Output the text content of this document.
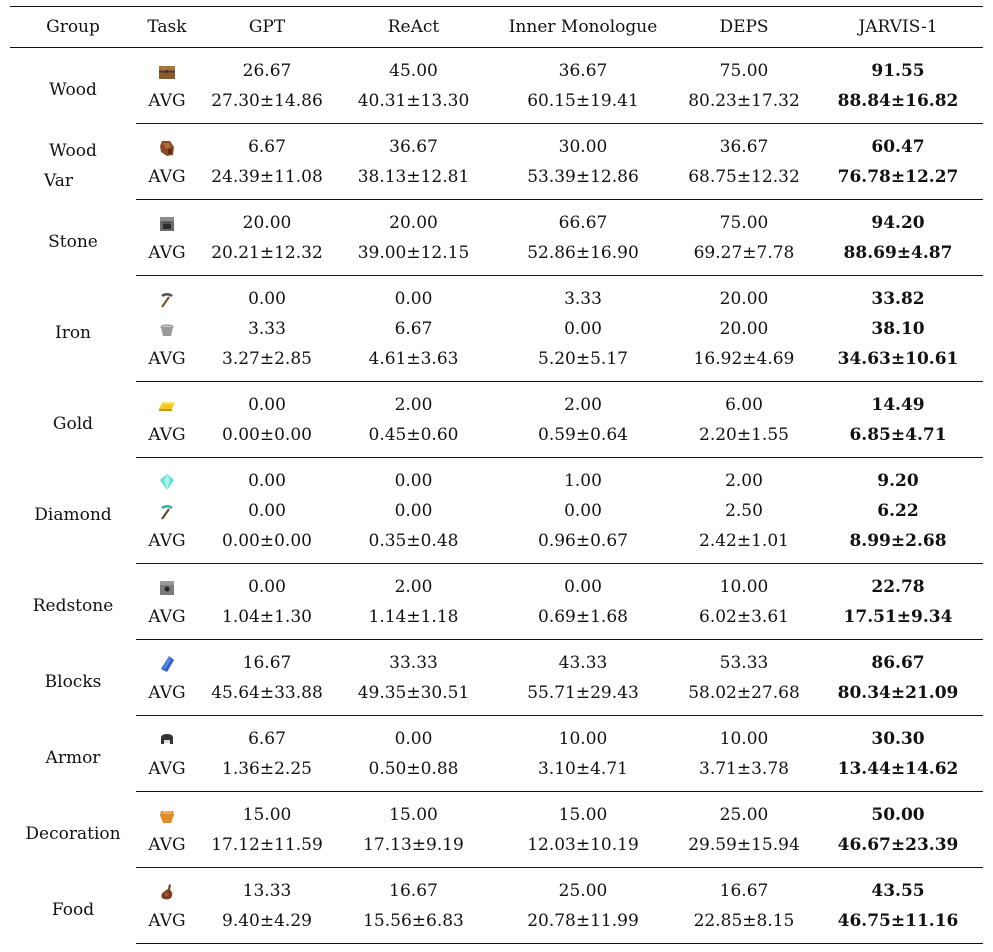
Group	Task	GPT	ReAct	Inner Monologue	DEPS	JARVIS-1
Wood		26.67	45.00	36.67	75.00	91.55
	AVG	27.30±14.86	40.31±13.30	60.15±19.41	80.23±17.32	88.84±16.82

Wood
Var		6.67	36.67	30.00	36.67	60.47
	AVG	24.39±11.08	38.13±12.81	53.39±12.86	68.75±12.32	76.78±12.27
Stone		20.00	20.00	66.67	75.00	94.20
	AVG	20.21±12.32	39.00±12.15	52.86±16.90	69.27±7.78	88.69±4.87
Iron		0.00	0.00	3.33	20.00	33.82

	3.33	6.67	0.00	20.00	38.10
	AVG	3.27±2.85	4.61±3.63	5.20±5.17	16.92±4.69	34.63±10.61
Gold		0.00	2.00	2.00	6.00	14.49
	AVG	0.00±0.00	0.45±0.60	0.59±0.64	2.20±1.55	6.85±4.71
Diamond		0.00	0.00	1.00	2.00	9.20

	0.00	0.00	0.00	2.50	6.22
	AVG	0.00±0.00	0.35±0.48	0.96±0.67	2.42±1.01	8.99±2.68
Redstone		0.00	2.00	0.00	10.00	22.78
	AVG	1.04±1.30	1.14±1.18	0.69±1.68	6.02±3.61	17.51±9.34
Blocks		16.67	33.33	43.33	53.33	86.67
	AVG	45.64±33.88	49.35±30.51	55.71±29.43	58.02±27.68	80.34±21.09
Armor		6.67	0.00	10.00	10.00	30.30
	AVG	1.36±2.25	0.50±0.88	3.10±4.71	3.71±3.78	13.44±14.62
Decoration		15.00	15.00	15.00	25.00	50.00
	AVG	17.12±11.59	17.13±9.19	12.03±10.19	29.59±15.94	46.67±23.39
Food		13.33	16.67	25.00	16.67	43.55
	AVG	9.40±4.29	15.56±6.83	20.78±11.99	22.85±8.15	46.75±11.16
